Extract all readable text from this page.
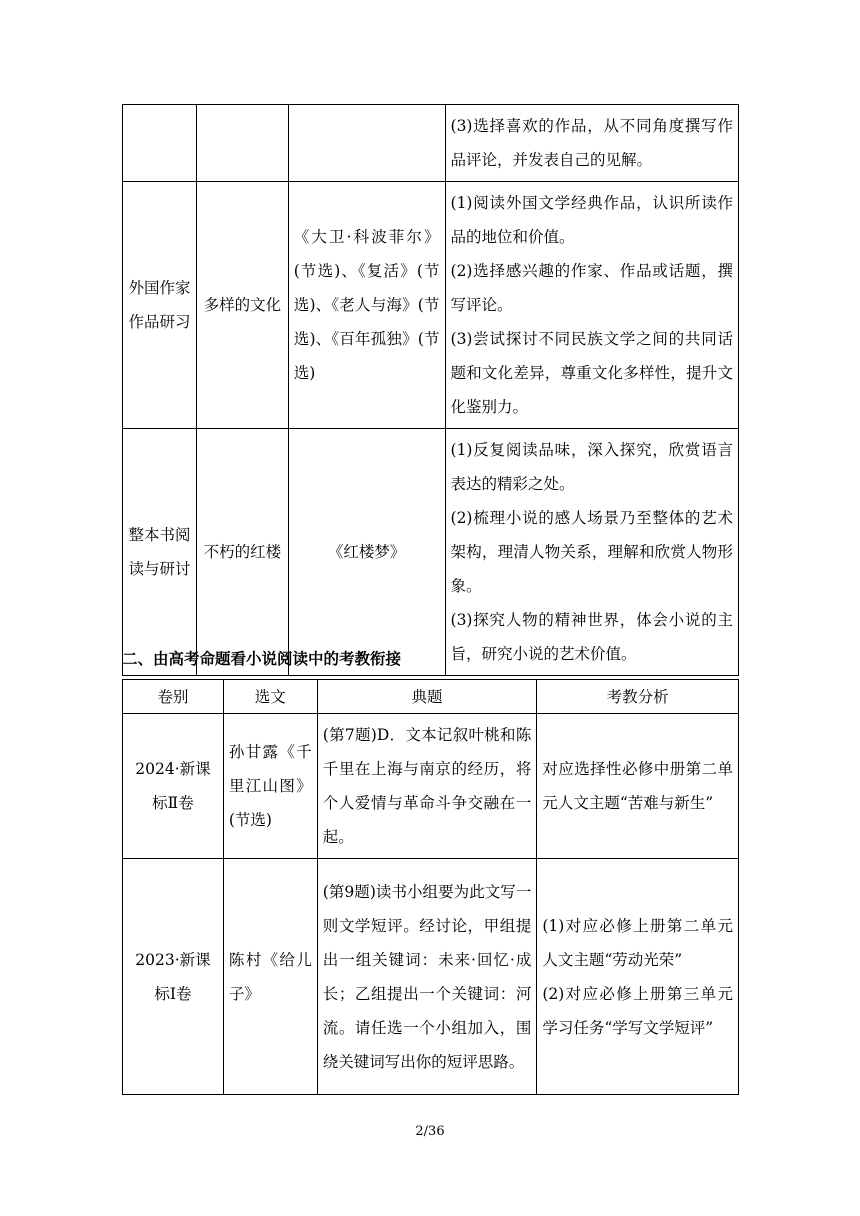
			(3)选择喜欢的作品，从不同角度撰写作品评论，并发表自己的见解。
外国作家作品研习	多样的文化	《大卫·科波菲尔》(节选)、《复活》(节选)、《老人与海》(节选)、《百年孤独》(节选)	(1)阅读外国文学经典作品，认识所读作品的地位和价值。
(2)选择感兴趣的作家、作品或话题，撰写评论。
(3)尝试探讨不同民族文学之间的共同话题和文化差异，尊重文化多样性，提升文化鉴别力。

整本书阅读与研讨	不朽的红楼	《红楼梦》	(1)反复阅读品味，深入探究，欣赏语言表达的精彩之处。
(2)梳理小说的感人场景乃至整体的艺术架构，理清人物关系，理解和欣赏人物形象。
(3)探究人物的精神世界，体会小说的主旨，研究小说的艺术价值。
二、由高考命题看小说阅读中的考教衔接
卷别	选文	典题	考教分析
2024·新课标Ⅱ卷	孙甘露《千里江山图》(节选)	(第7题)D．文本记叙叶桃和陈千里在上海与南京的经历，将个人爱情与革命斗争交融在一起。	对应选择性必修中册第二单元人文主题“苦难与新生”
2023·新课标Ⅰ卷	陈村《给儿子》	(第9题)读书小组要为此文写一则文学短评。经讨论，甲组提出一组关键词：未来·回忆·成长；乙组提出一个关键词：河流。请任选一个小组加入，围绕关键词写出你的短评思路。	(1)对应必修上册第二单元人文主题“劳动光荣”
(2)对应必修上册第三单元学习任务“学写文学短评”
2/36
